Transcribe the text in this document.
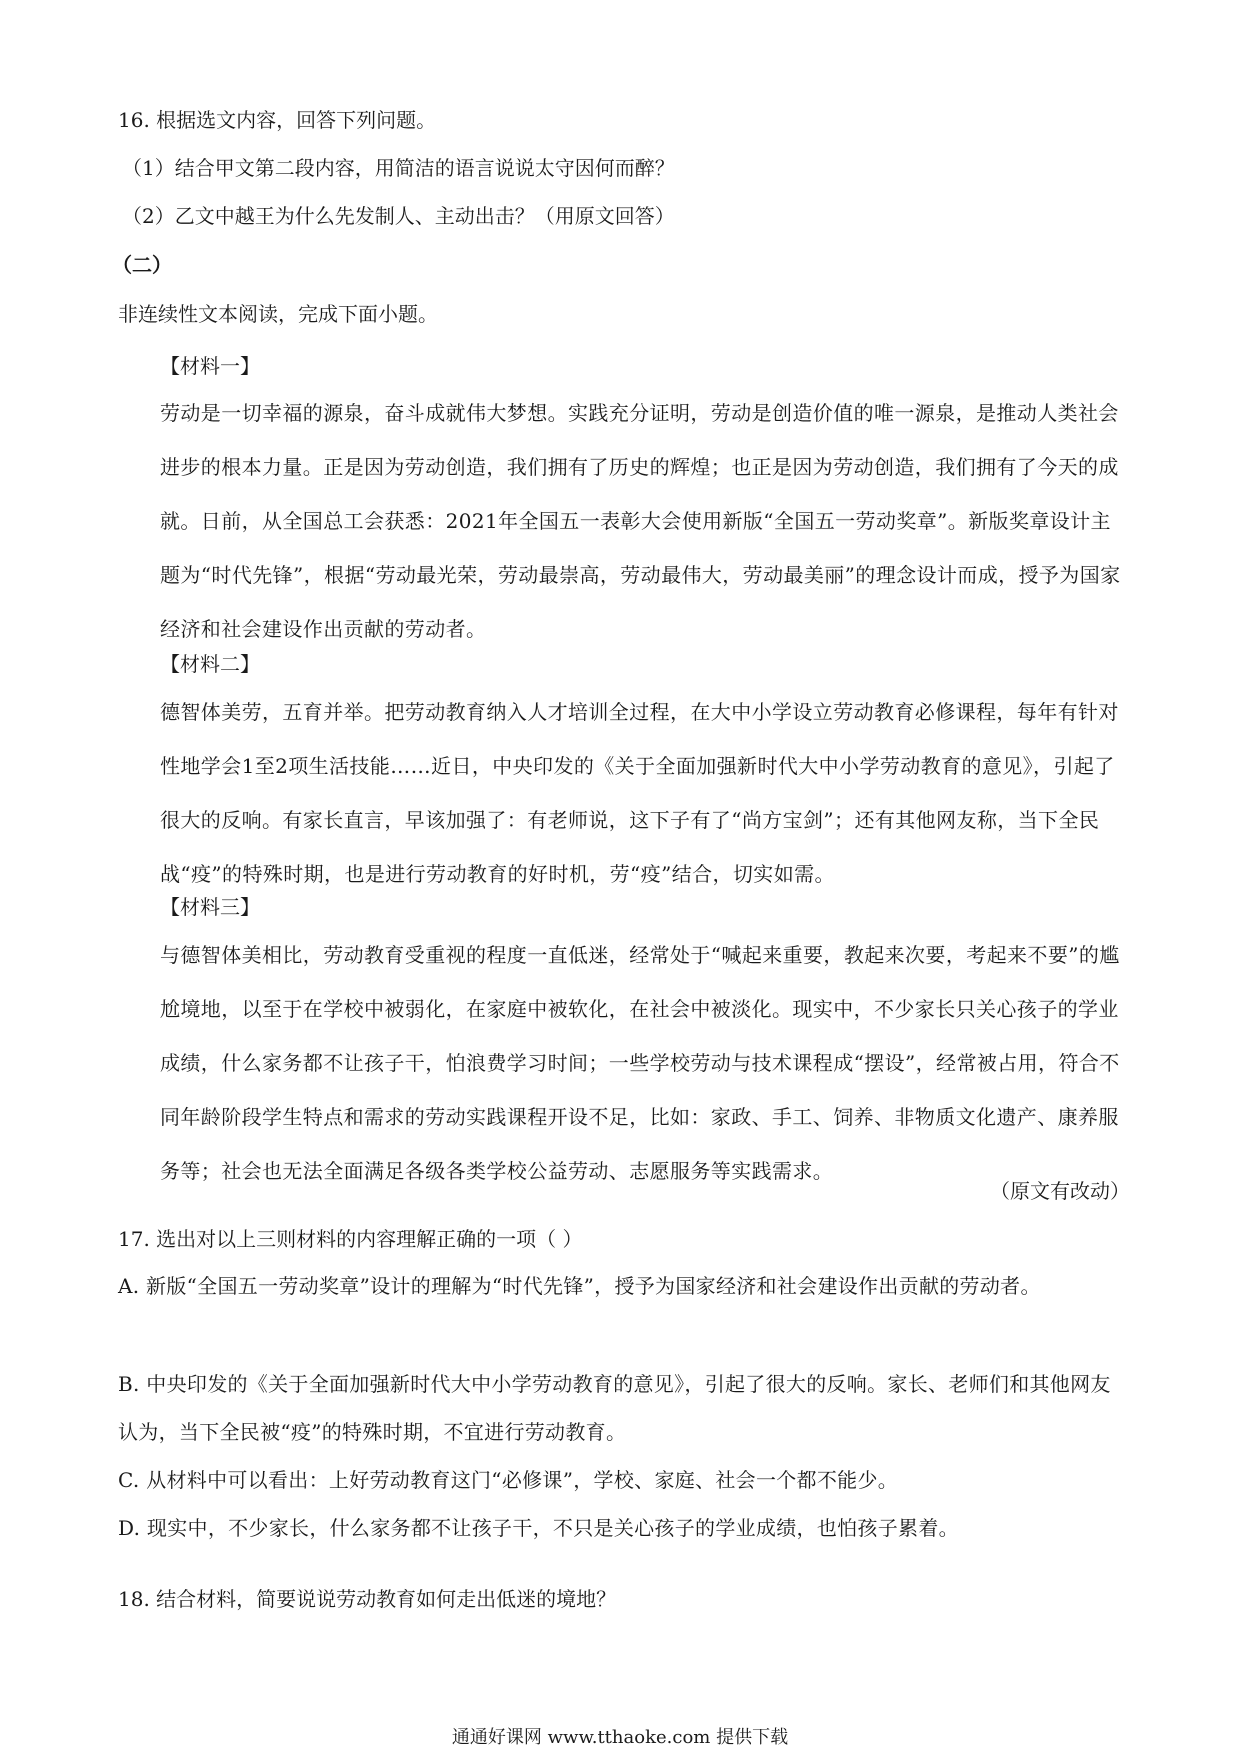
16. 根据选文内容，回答下列问题。
（1）结合甲文第二段内容，用简洁的语言说说太守因何而醉？
（2）乙文中越王为什么先发制人、主动出击？（用原文回答）
（二）
非连续性文本阅读，完成下面小题。
【材料一】
劳动是一切幸福的源泉，奋斗成就伟大梦想。实践充分证明，劳动是创造价值的唯一源泉，是推动人类社会进步的根本力量。正是因为劳动创造，我们拥有了历史的辉煌；也正是因为劳动创造，我们拥有了今天的成就。日前，从全国总工会获悉：2021年全国五一表彰大会使用新版“全国五一劳动奖章”。新版奖章设计主题为“时代先锋”，根据“劳动最光荣，劳动最崇高，劳动最伟大，劳动最美丽”的理念设计而成，授予为国家经济和社会建设作出贡献的劳动者。
【材料二】
德智体美劳，五育并举。把劳动教育纳入人才培训全过程，在大中小学设立劳动教育必修课程，每年有针对性地学会1至2项生活技能……近日，中央印发的《关于全面加强新时代大中小学劳动教育的意见》，引起了很大的反响。有家长直言，早该加强了：有老师说，这下子有了“尚方宝剑”；还有其他网友称，当下全民战“疫”的特殊时期，也是进行劳动教育的好时机，劳“疫”结合，切实如需。
【材料三】
与德智体美相比，劳动教育受重视的程度一直低迷，经常处于“喊起来重要，教起来次要，考起来不要”的尴尬境地，以至于在学校中被弱化，在家庭中被软化，在社会中被淡化。现实中，不少家长只关心孩子的学业成绩，什么家务都不让孩子干，怕浪费学习时间；一些学校劳动与技术课程成“摆设”，经常被占用，符合不同年龄阶段学生特点和需求的劳动实践课程开设不足，比如：家政、手工、饲养、非物质文化遗产、康养服务等；社会也无法全面满足各级各类学校公益劳动、志愿服务等实践需求。
（原文有改动）
17. 选出对以上三则材料的内容理解正确的一项（ ）
A. 新版“全国五一劳动奖章”设计的理解为“时代先锋”，授予为国家经济和社会建设作出贡献的劳动者。
B. 中央印发的《关于全面加强新时代大中小学劳动教育的意见》，引起了很大的反响。家长、老师们和其他网友认为，当下全民被“疫”的特殊时期，不宜进行劳动教育。
C. 从材料中可以看出：上好劳动教育这门“必修课”，学校、家庭、社会一个都不能少。
D. 现实中，不少家长，什么家务都不让孩子干，不只是关心孩子的学业成绩，也怕孩子累着。
18. 结合材料，简要说说劳动教育如何走出低迷的境地？
通通好课网 www.tthaoke.com 提供下载
